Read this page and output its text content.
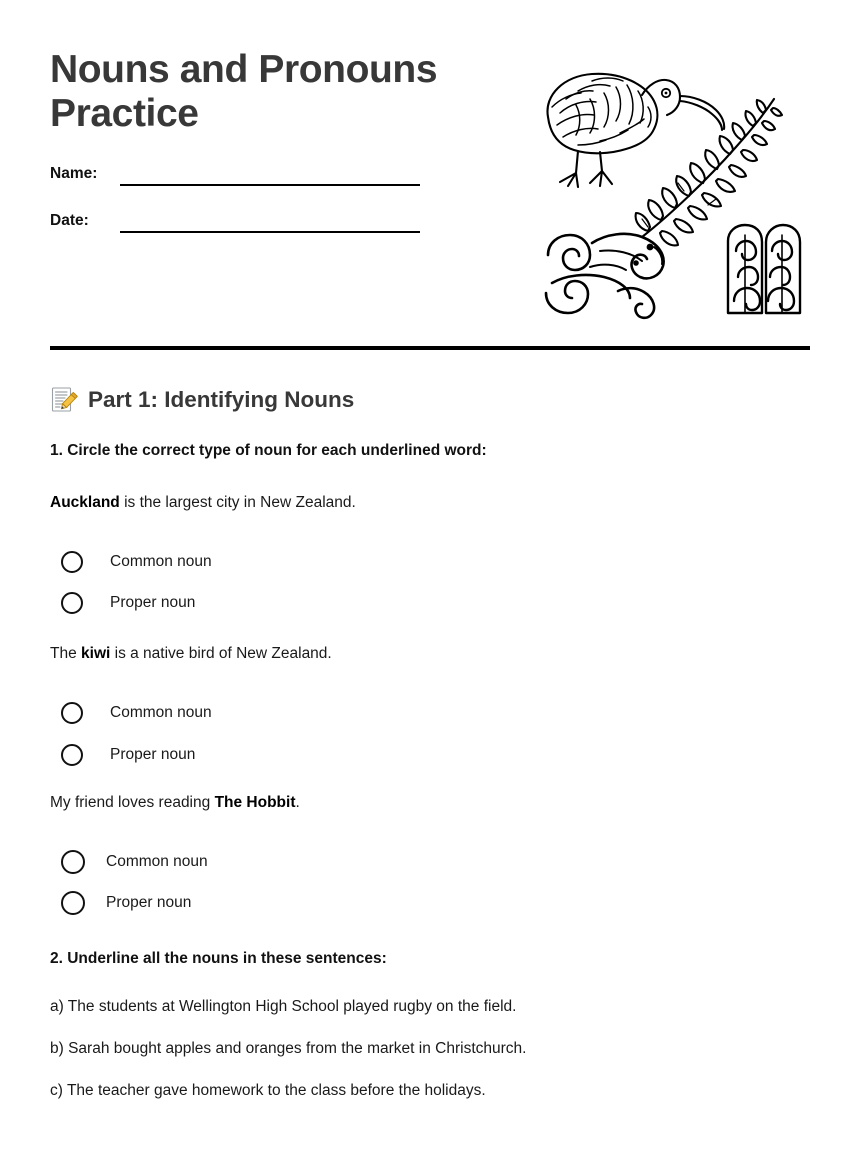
Nouns and Pronouns Practice
Name:
Date:
Part 1: Identifying Nouns

1. Circle the correct type of noun for each underlined word:

Auckland is the largest city in New Zealand.

Common noun
Proper noun

The kiwi is a native bird of New Zealand.

Common noun
Proper noun

My friend loves reading The Hobbit.

Common noun
Proper noun

2. Underline all the nouns in these sentences:

a) The students at Wellington High School played rugby on the field.

b) Sarah bought apples and oranges from the market in Christchurch.

c) The teacher gave homework to the class before the holidays.
